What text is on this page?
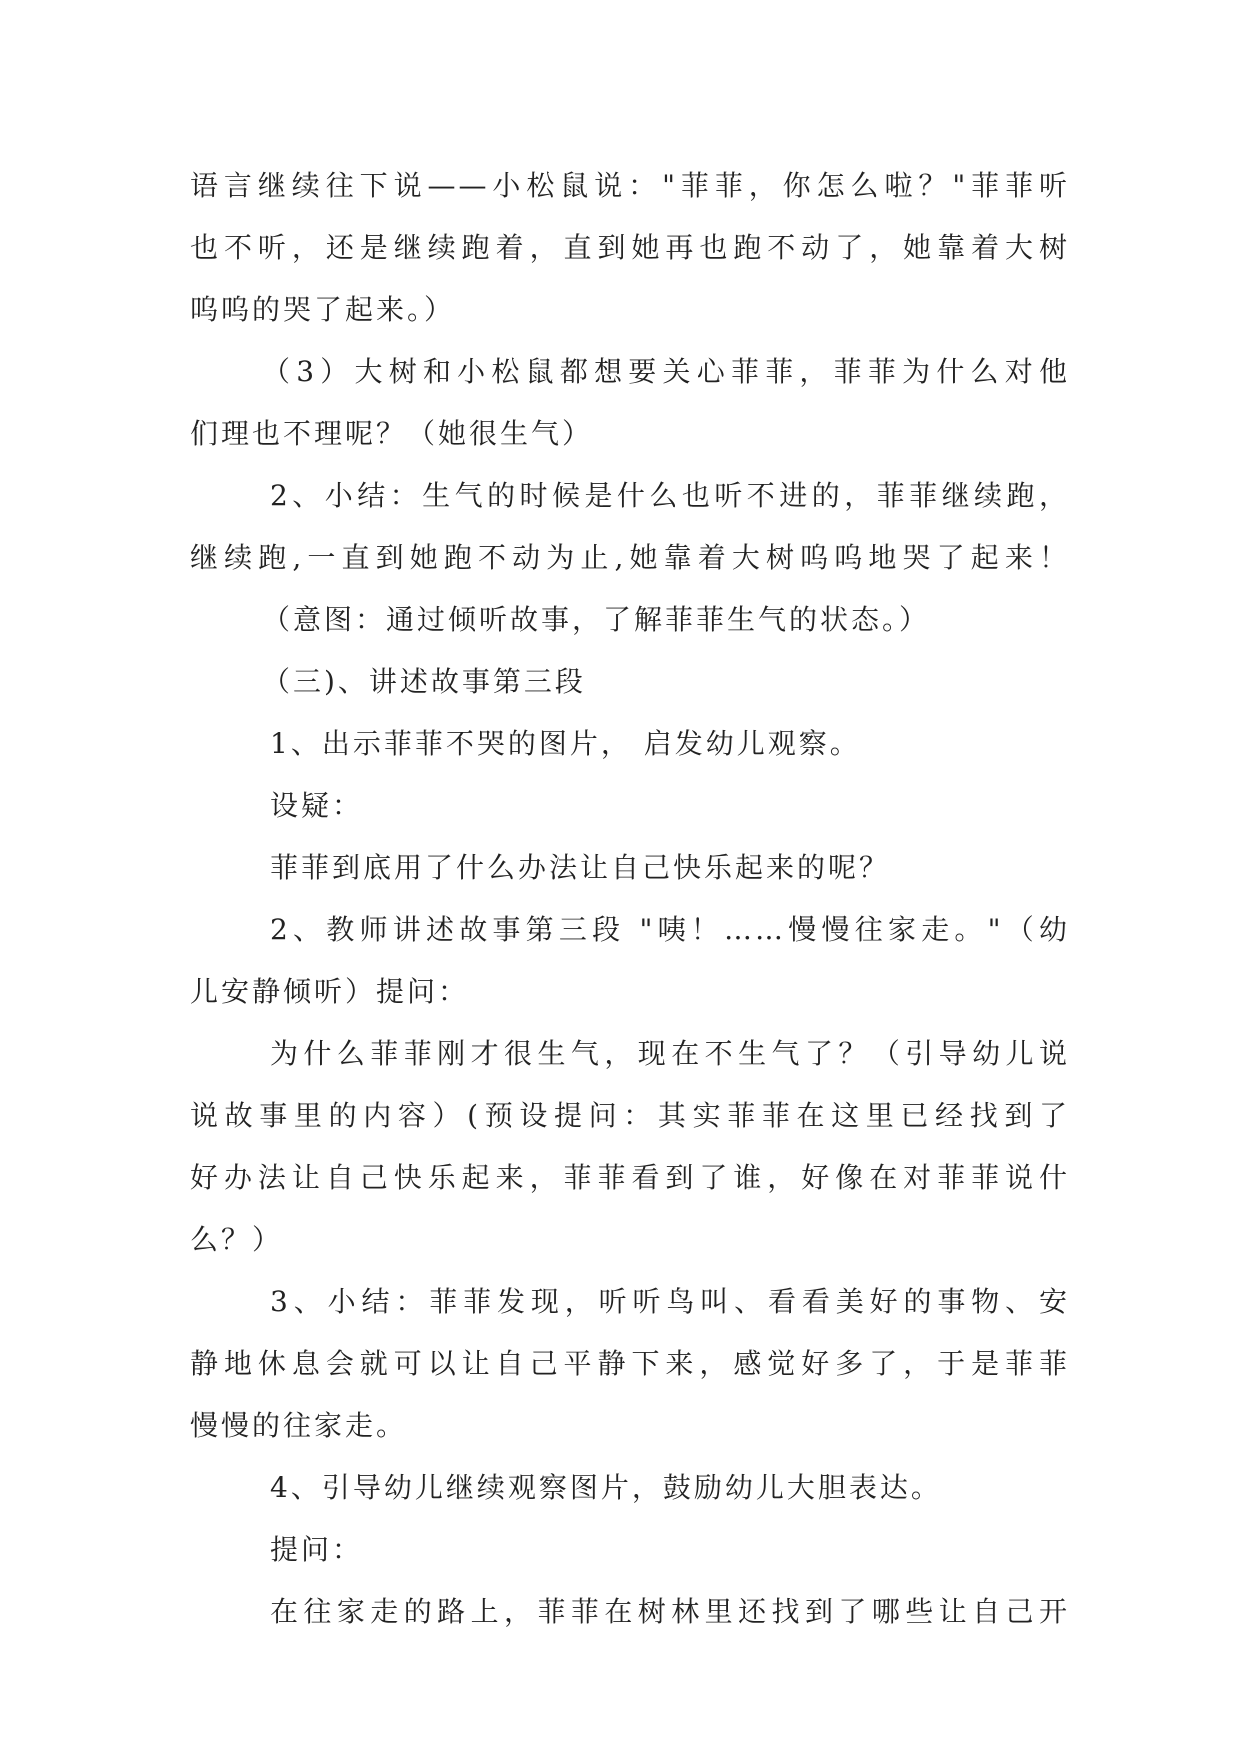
语言继续往下说——小松鼠说："菲菲，你怎么啦？"菲菲听
也不听，还是继续跑着，直到她再也跑不动了，她靠着大树
呜呜的哭了起来。）
（3）大树和小松鼠都想要关心菲菲，菲菲为什么对他
们理也不理呢？（她很生气）
2、小结：生气的时候是什么也听不进的，菲菲继续跑，
继续跑,一直到她跑不动为止,她靠着大树呜呜地哭了起来！
（意图：通过倾听故事，了解菲菲生气的状态。）
（三)、讲述故事第三段
1、出示菲菲不哭的图片， 启发幼儿观察。
设疑：
菲菲到底用了什么办法让自己快乐起来的呢？
2、教师讲述故事第三段 "咦！……慢慢往家走。"（幼
儿安静倾听）提问：
为什么菲菲刚才很生气，现在不生气了？（引导幼儿说
说故事里的内容）(预设提问：其实菲菲在这里已经找到了
好办法让自己快乐起来，菲菲看到了谁，好像在对菲菲说什
么？）
3、小结：菲菲发现，听听鸟叫、看看美好的事物、安
静地休息会就可以让自己平静下来，感觉好多了，于是菲菲
慢慢的往家走。
4、引导幼儿继续观察图片，鼓励幼儿大胆表达。
提问：
在往家走的路上，菲菲在树林里还找到了哪些让自己开
